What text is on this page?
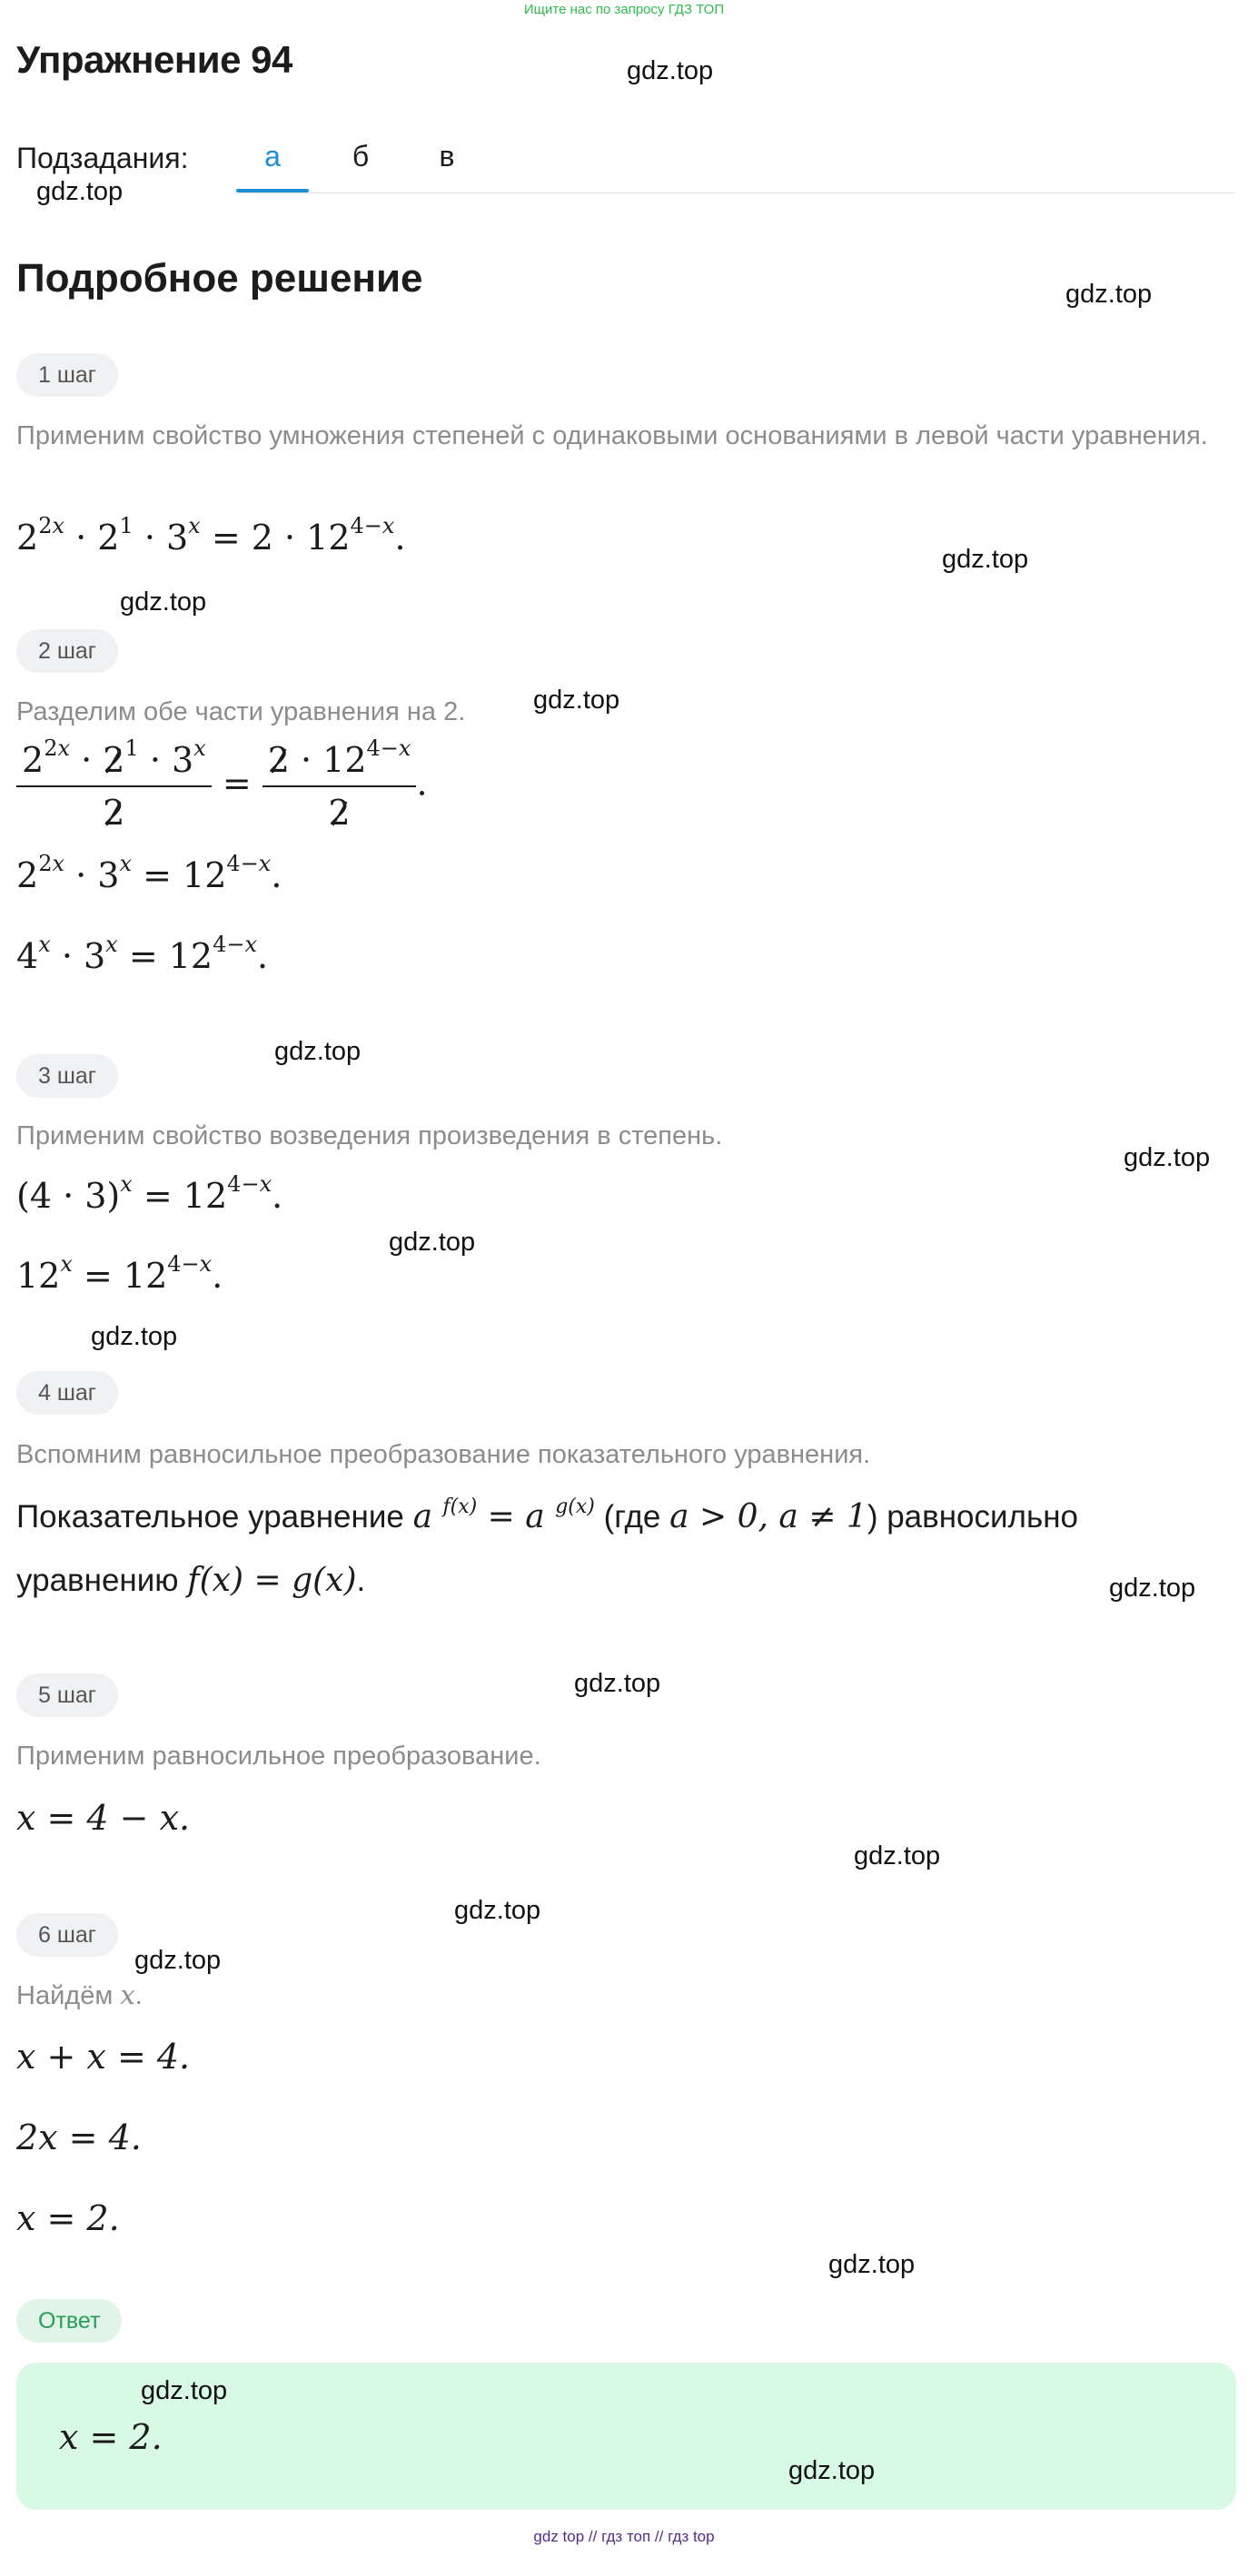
Ищите нас по запросу ГДЗ ТОП
Упражнение 94	gdz.top
Подзадания:	а	б	в
gdz.top
Подробное решение	gdz.top
1 шаг
Применим свойство умножения степеней с одинаковыми основаниями в левой части уравнения.
$2^{2x} \cdot 2^1 \cdot 3^x = 2 \cdot 12^{4-x}$.
gdz.top
gdz.top
2 шаг
Разделим обе части уравнения на 2.	gdz.top
$\frac{2^{2x} \cdot 2^1 \cdot 3^x}{2} = \frac{2 \cdot 12^{4-x}}{2}$ .
$2^{2x} \cdot 3^x = 12^{4-x}$.
$4^x \cdot 3^x = 12^{4-x}$.
gdz.top
3 шаг
Применим свойство возведения произведения в степень.
gdz.top
$(4 \cdot 3)^x = 12^{4-x}$.
gdz.top
$12^x = 12^{4-x}$.
gdz.top
4 шаг
Вспомним равносильное преобразование показательного уравнения.
Показательное уравнение a $^{f(x)}$ = a $^{g(x)}$ (где a > 0, a ≠ 1) равносильно
уравнению f(x) = g(x).	gdz.top
gdz.top
5 шаг
Применим равносильное преобразование.
x = 4 − x.
gdz.top
gdz.top
6 шаг
gdz.top
Найдём x.
x + x = 4.
2x = 4.
x = 2.
gdz.top
Ответ
gdz.top
x = 2.
gdz.top
gdz top // гдз топ // гдз top
